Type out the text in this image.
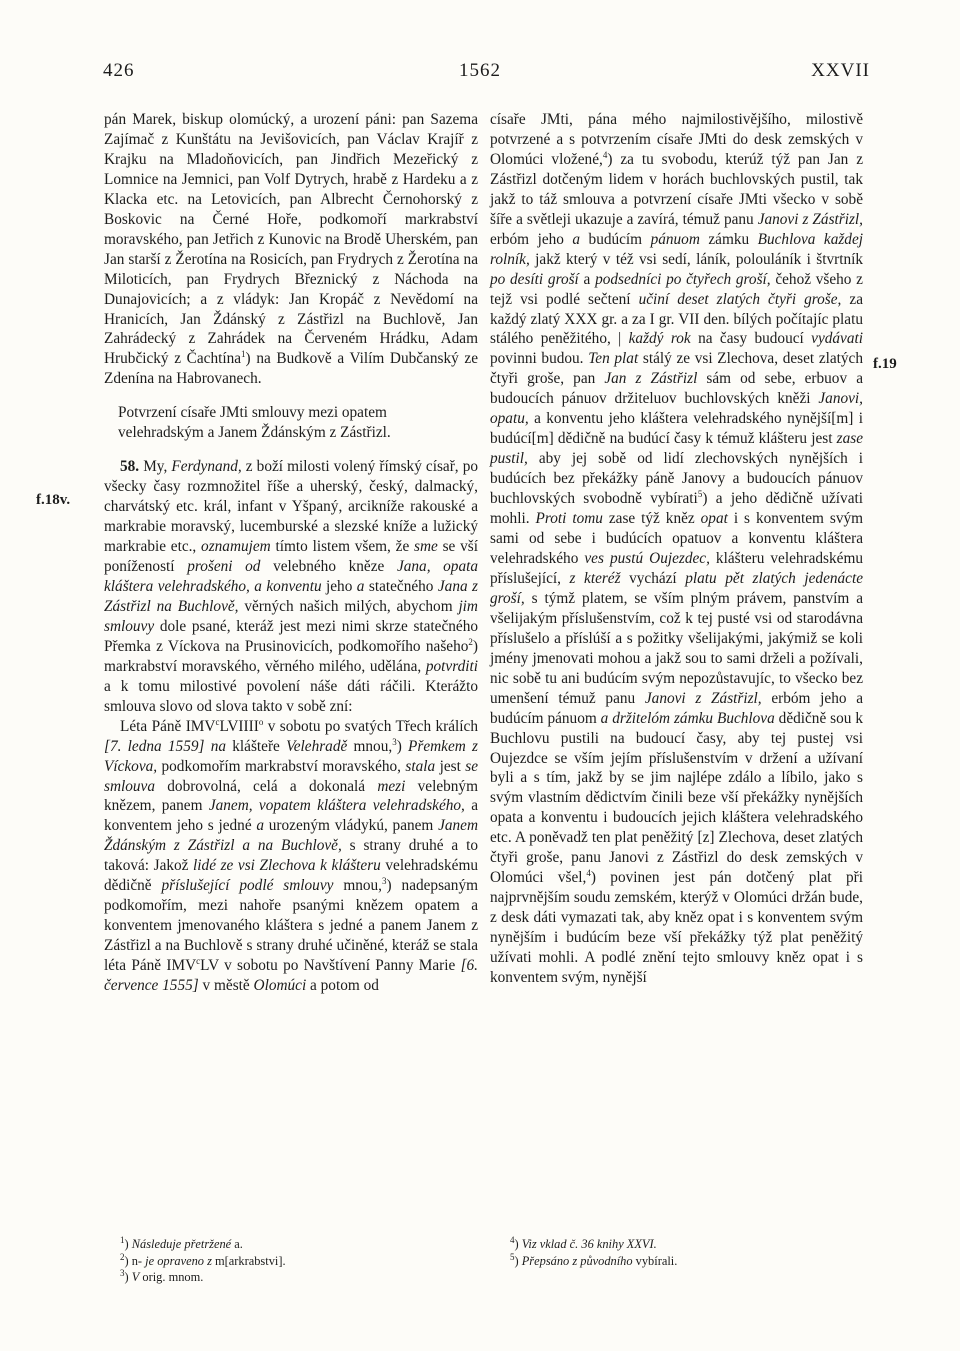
426	1562	XXVII
f.18v.
f.19

pán Marek, biskup olomúcký, a urození páni: pan Sazema Zajímač z Kunštátu na Jevišovicích, pan Václav Krajíř z Krajku na Mladoňovicích, pan Jindřich Mezeřický z Lomnice na Jemnici, pan Volf Dytrych, hrabě z Hardeku a z Klacka etc. na Letovicích, pan Albrecht Černohorský z Boskovic na Černé Hoře, podkomoří markrabství moravského, pan Jetřich z Kunovic na Brodě Uherském, pan Jan starší z Žerotína na Rosicích, pan Frydrych z Žerotína na Miloticích, pan Frydrych Březnický z Náchoda na Dunajovicích; a z vládyk: Jan Kropáč z Nevědomí na Hranicích, Jan Ždánský z Zástřizl na Buchlově, Jan Zahrádecký z Zahrádek na Červeném Hrádku, Adam Hrubčický z Čachtína$^1$) na Budkově a Vilím Dubčanský ze Zdenína na Habrovanech.

Potvrzení císaře JMti smlouvy mezi opatem velehradským a Janem Ždánským z Zástřizl.

58. My, Ferdynand, z boží milosti volený římský císař, po všecky časy rozmnožitel říše a uherský, český, dalmacký, charvátský etc. král, infant v Yšpaný, arcikníže rakouské a markrabie moravský, lucemburské a slezské kníže a lužický markrabie etc., oznamujem tímto listem všem, že sme se vší ponížeností prošeni od velebného kněze Jana, opata kláštera velehradského, a konventu jeho a statečného Jana z Zástřizl na Buchlově, věrných našich milých, abychom jim smlouvy dole psané, kteráž jest mezi nimi skrze statečného Přemka z Víckova na Prusinovicích, podkomořího našeho$^2$) markrabství moravského, věrného milého, udělána, potvrditi a k tomu milostivé povolení náše dáti ráčili. Kterážto smlouva slovo od slova takto v sobě zní:

Léta Páně IMV$^c$LVIIII$^o$ v sobotu po svatých Třech králích [7. ledna 1559] na klášteře Velehradě mnou,$^3$) Přemkem z Víckova, podkomořím markrabství moravského, stala jest se smlouva dobrovolná, celá a dokonalá mezi velebným knězem, panem Janem, vopatem kláštera velehradského, a konventem jeho s jedné a urozeným vládykú, panem Janem Ždánským z Zástřizl a na Buchlově, s strany druhé a to taková: Jakož lidé ze vsi Zlechova k klášteru velehradskému dědičně příslušející podlé smlouvy mnou,$^3$) nadepsaným podkomořím, mezi nahoře psanými knězem opatem a konventem jmenovaného kláštera s jedné a panem Janem z Zástřizl a na Buchlově s strany druhé učiněné, kteráž se stala léta Páně IMV$^c$LV v sobotu po Navštívení Panny Marie [6. července 1555] v městě Olomúci a potom od

císaře JMti, pána mého najmilostivějšího, milostivě potvrzené a s potvrzením císaře JMti do desk zemských v Olomúci vložené,$^4$) za tu svobodu, kterúž týž pan Jan z Zástřizl dotčeným lidem v horách buchlovských pustil, tak jakž to táž smlouva a potvrzení císaře JMti všecko v sobě šíře a světleji ukazuje a zavírá, témuž panu Janovi z Zástřizl, erbóm jeho a budúcím pánuom zámku Buchlova každej rolník, jakž který v též vsi sedí, láník, polouláník i štvrtník po desíti groší a podsedníci po čtyřech groší, čehož všeho z tejž vsi podlé sečtení učiní deset zlatých čtyři groše, za každý zlatý XXX gr. a za I gr. VII den. bílých počítajíc platu stálého peněžitého, | každý rok na časy budoucí vydávati povinni budou. Ten plat stálý ze vsi Zlechova, deset zlatých čtyři groše, pan Jan z Zástřizl sám od sebe, erbuov a budoucích pánuov držiteluov buchlovských kněži Janovi, opatu, a konventu jeho kláštera velehradského nynější[m] i budúcí[m] dědičně na budúcí časy k témuž klášteru jest zase pustil, aby jej sobě od lidí zlechovských nynějších i budúcích bez překážky páně Janovy a budoucích pánuov buchlovských svobodně vybírati$^5$) a jeho dědičně užívati mohli. Proti tomu zase týž kněz opat i s konventem svým sami od sebe i budúcích opatuov a konventu kláštera velehradského ves pustú Oujezdec, klášteru velehradskému příslušející, z kteréž vychází platu pět zlatých jedenácte groší, s týmž platem, se vším plným právem, panstvím a všelijakým příslušenstvím, což k tej pusté vsi od starodávna příslušelo a příslúší a s požitky všelijakými, jakýmiž se koli jmény jmenovati mohou a jakž sou to sami drželi a požívali, nic sobě tu ani budúcím svým nepozůstavujíc, to všecko bez umenšení témuž panu Janovi z Zástřizl, erbóm jeho a budúcím pánuom a držitelóm zámku Buchlova dědičně sou k Buchlovu pustili na budoucí časy, aby tej pustej vsi Oujezdce se vším jejím příslušenstvím v držení a užívaní byli a s tím, jakž by se jim najlépe zdálo a líbilo, jako s svým vlastním dědictvím činili beze vší překážky nynějších opata a konventu i budoucích jejich kláštera velehradského etc. A poněvadž ten plat peněžitý [z] Zlechova, deset zlatých čtyři groše, panu Janovi z Zástřizl do desk zemských v Olomúci všel,$^4$) povinen jest pán dotčený plat při najprvnějším soudu zemském, kterýž v Olomúci držán bude, z desk dáti vymazati tak, aby kněz opat i s konventem svým nynějším i budúcím beze vší překážky týž plat peněžitý užívati mohli. A podlé znění tejto smlouvy kněz opat i s konventem svým, nynější

$^1$) Následuje přetržené a.
$^2$) n- je opraveno z m[arkrabstvi].
$^3$) V orig. mnom.
$^4$) Viz vklad č. 36 knihy XXVI.
$^5$) Přepsáno z původního vybírali.
